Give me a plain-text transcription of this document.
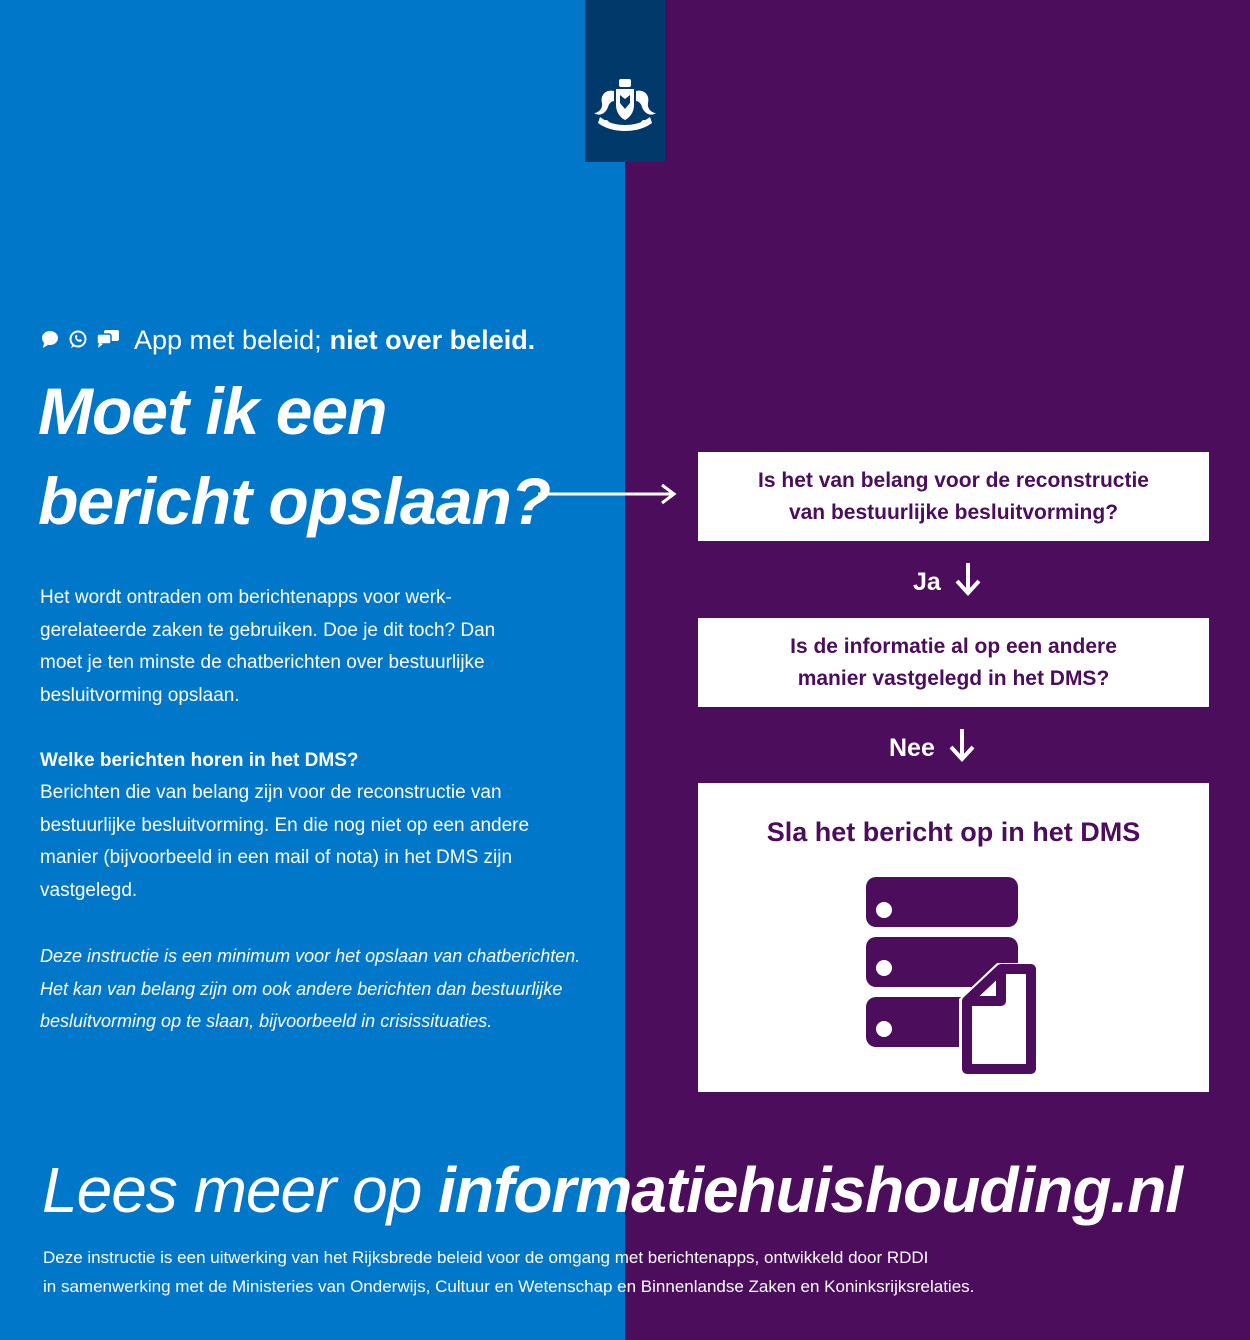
App met beleid; niet over beleid.
Moet ik een
bericht opslaan?
Het wordt ontraden om berichtenapps voor werk-
gerelateerde zaken te gebruiken. Doe je dit toch? Dan
moet je ten minste de chatberichten over bestuurlijke
besluitvorming opslaan.
Welke berichten horen in het DMS?
Berichten die van belang zijn voor de reconstructie van
bestuurlijke besluitvorming. En die nog niet op een andere
manier (bijvoorbeeld in een mail of nota) in het DMS zijn
vastgelegd.
Deze instructie is een minimum voor het opslaan van chatberichten.
Het kan van belang zijn om ook andere berichten dan bestuurlijke
besluitvorming op te slaan, bijvoorbeeld in crisissituaties.
Is het van belang voor de reconstructie
van bestuurlijke besluitvorming?
Ja
Is de informatie al op een andere
manier vastgelegd in het DMS?
Nee
Sla het bericht op in het DMS
Lees meer op informatiehuishouding.nl
Deze instructie is een uitwerking van het Rijksbrede beleid voor de omgang met berichtenapps, ontwikkeld door RDDI
in samenwerking met de Ministeries van Onderwijs, Cultuur en Wetenschap en Binnenlandse Zaken en Koninksrijksrelaties.
